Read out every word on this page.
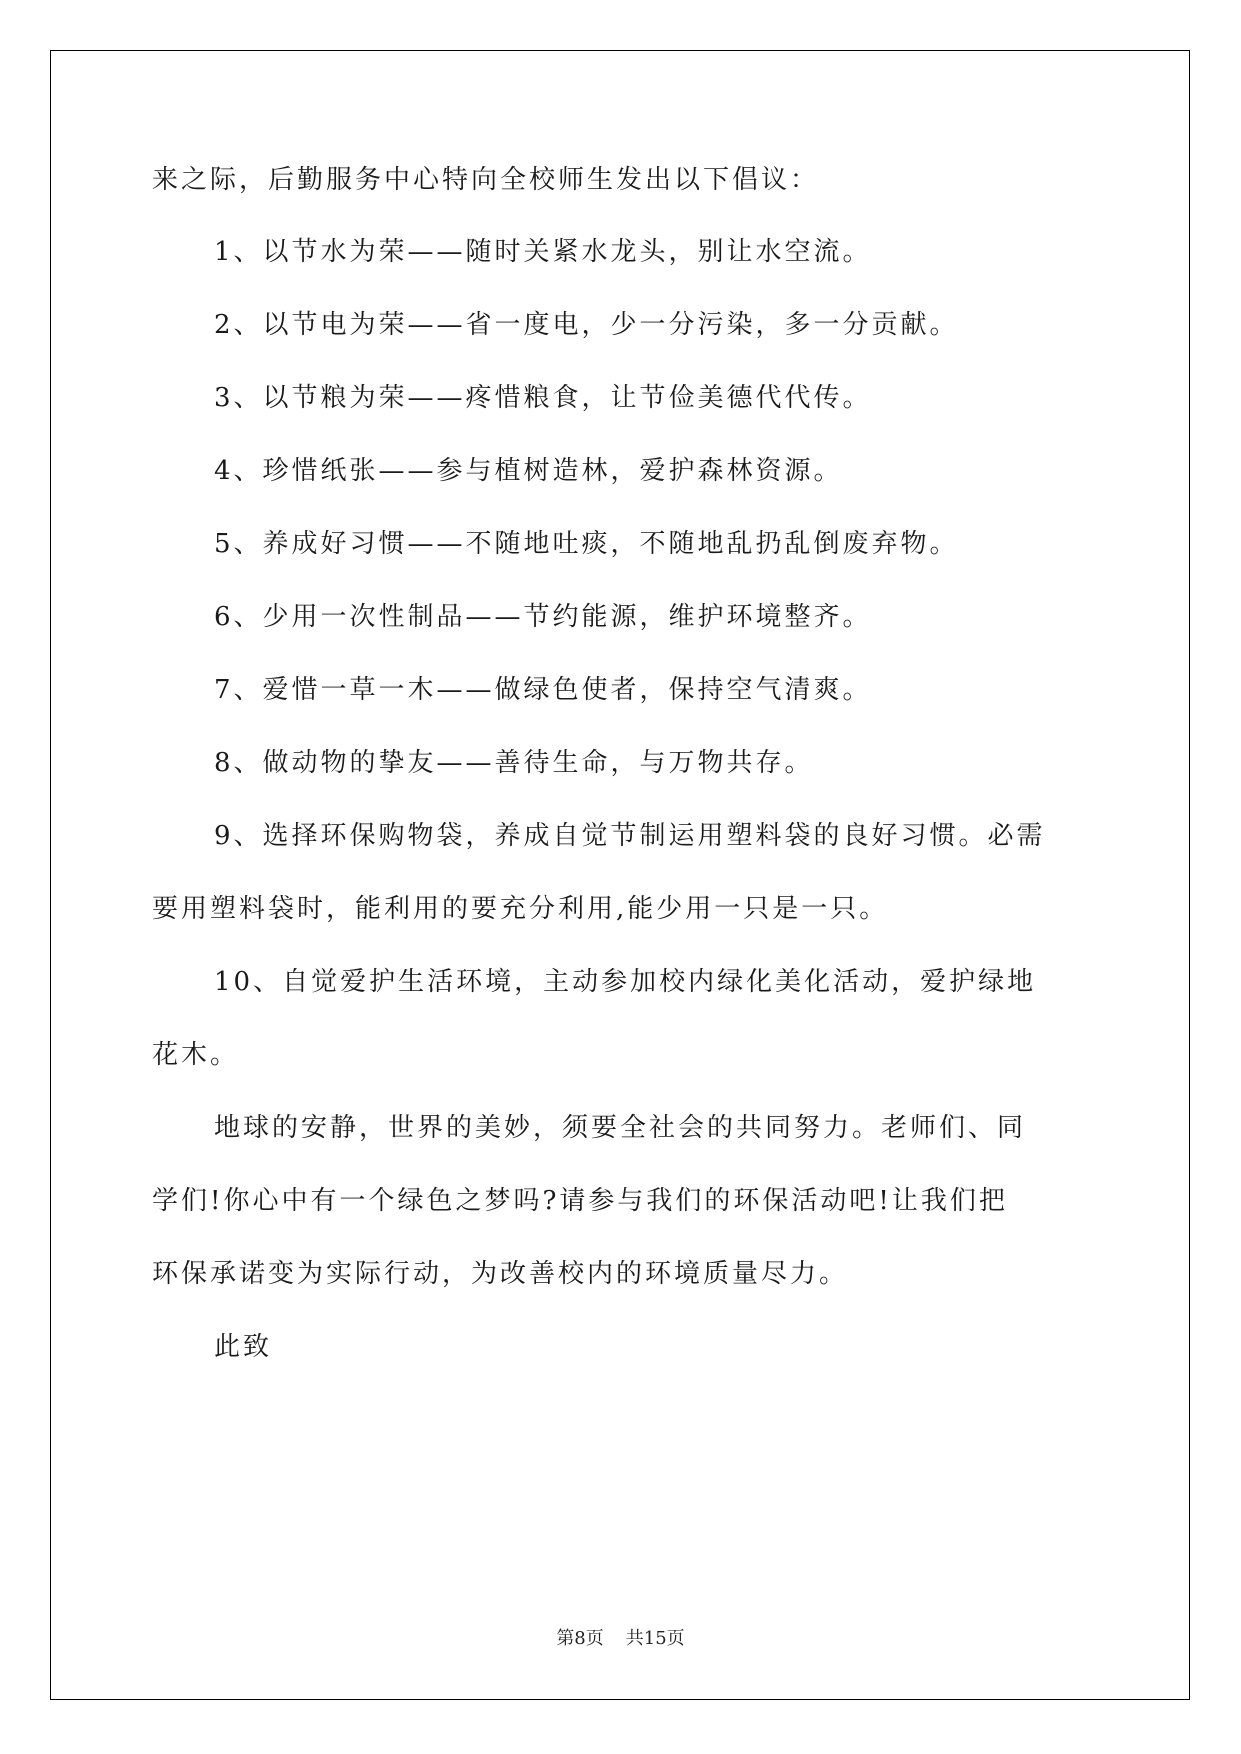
来之际，后勤服务中心特向全校师生发出以下倡议：
1、以节水为荣——随时关紧水龙头，别让水空流。
2、以节电为荣——省一度电，少一分污染，多一分贡献。
3、以节粮为荣——疼惜粮食，让节俭美德代代传。
4、珍惜纸张——参与植树造林，爱护森林资源。
5、养成好习惯——不随地吐痰，不随地乱扔乱倒废弃物。
6、少用一次性制品——节约能源，维护环境整齐。
7、爱惜一草一木——做绿色使者，保持空气清爽。
8、做动物的挚友——善待生命，与万物共存。
9、选择环保购物袋，养成自觉节制运用塑料袋的良好习惯。必需
要用塑料袋时，能利用的要充分利用,能少用一只是一只。
10、自觉爱护生活环境，主动参加校内绿化美化活动，爱护绿地
花木。
地球的安静，世界的美妙，须要全社会的共同努力。老师们、同
学们!你心中有一个绿色之梦吗?请参与我们的环保活动吧!让我们把
环保承诺变为实际行动，为改善校内的环境质量尽力。
此致
第8页 共15页
